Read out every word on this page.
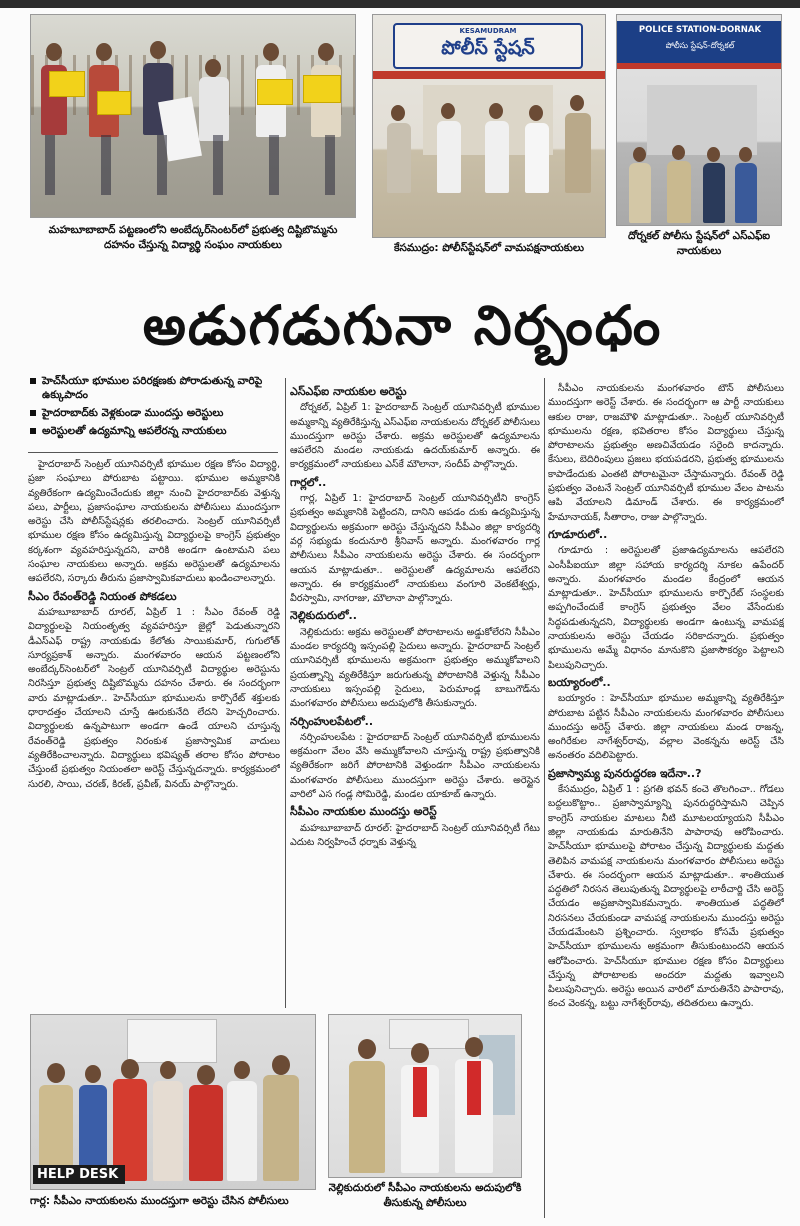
మహబూబాబాద్ పట్టణంలోని అంబేద్కర్‌సెంటర్‌లో ప్రభుత్వ దిష్టిబొమ్మను దహనం చేస్తున్న విద్యార్థి సంఘం నాయకులు
KESAMUDRAM
పోలీస్ స్టేషన్
కేసముద్రం: పోలీస్‌స్టేషన్‌లో వామపక్షనాయకులు
POLICE STATION-DORNAK
పోలీసు స్టేషన్-దోర్నకల్
దోర్నకల్ పోలీసు స్టేషన్‌లో ఎస్‌ఎఫ్‌ఐ నాయకులు
అడుగడుగునా నిర్బంధం
హెచ్‌సీయూ భూముల పరిరక్షణకు పోరాడుతున్న వారిపై ఉక్కుపాదం
హైదరాబాద్‌కు వెళ్లకుండా ముందస్తు అరెస్టులు
అరెస్టులతో ఉద్యమాన్ని ఆపలేరన్న నాయకులు

హైదరాబాద్ సెంట్రల్ యూనివర్సిటీ భూముల రక్షణ కోసం విద్యార్థి, ప్రజా సంఘాలు పోరుబాట పట్టాయి. భూముల అమ్మకానికి వ్యతిరేకంగా ఉద్యమించేందుకు జిల్లా నుంచి హైదరాబాద్‌కు వెళ్తున్న పలు, పార్టీలు, ప్రజాసంఘాల నాయకులను పోలీసులు ముందస్తుగా అరెస్టు చేసి పోలీస్‌స్టేషన్లకు తరలించారు. సెంట్రల్ యూనివర్సిటీ భూముల రక్షణ కోసం ఉద్యమిస్తున్న విద్యార్థులపై కాంగ్రెస్ ప్రభుత్వం కర్కశంగా వ్యవహరిస్తున్నదని, వారికి అండగా ఉంటామని పలు సంఘాల నాయకులు అన్నారు. అక్రమ అరెస్టులతో ఉద్యమాలను ఆపలేరని, సర్కారు తీరును ప్రజాస్వామికవాదులు ఖండించాలన్నారు.

సీఎం రేవంత్‌రెడ్డి నియంత పోకడలు

మహబూబాబాద్ రూరల్, ఏప్రిల్ 1 : సీఎం రేవంత్ రెడ్డి విద్యార్థులపై నియంతృత్వ వ్యవహరిస్తూ జైల్లో పెడుతున్నారని డీఎస్‌ఎఫ్ రాష్ట్ర నాయకుడు కేలోతు సాయికుమార్, గుగులోత్ సూర్యప్రకాశ్ అన్నారు. మంగళవారం ఆయన పట్టణంలోని అంబేద్కర్‌సెంటర్‌లో సెంట్రల్ యూనివర్సిటీ విద్యార్థుల అరెస్టును నిరసిస్తూ ప్రభుత్వ దిష్టిబొమ్మను దహనం చేశారు. ఈ సందర్భంగా వారు మాట్లాడుతూ.. హెచ్‌సీయూ భూములను కార్పొరేట్ శక్తులకు ధారాదత్తం చేయాలని చూస్తే ఊరుకునేది లేదని హెచ్చరించారు. విద్యార్థులకు ఉన్నపాటుగా అండగా ఉండే యాలని చూస్తున్న రేవంత్‌రెడ్డి ప్రభుత్వం నిరంకుశ ప్రజాస్వామిక వాదులు వ్యతిరేకించాలన్నారు. విద్యార్థులు భవిష్యత్ తరాల కోసం పోరాటం చేస్తుంటే ప్రభుత్వం నియంతలా అరెస్ట్ చేస్తున్నదన్నారు. కార్యక్రమంలో సురలి, సాయి, చరణ్, కిరణ్, ప్రవీణ్, వినయ్ పాల్గొన్నారు.

ఎస్‌ఎఫ్‌ఐ నాయకుల అరెస్టు

దోర్నకల్, ఏప్రిల్ 1: హైదరాబాద్ సెంట్రల్ యూనివర్సిటీ భూముల అమ్మకాన్ని వ్యతిరేకిస్తున్న ఎస్‌ఎఫ్‌ఐ నాయకులను దోర్నకల్ పోలీసులు ముందస్తుగా అరెస్టు చేశారు. అక్రమ అరెస్టులతో ఉద్యమాలను ఆపలేరని మండల నాయకుడు ఉదయ్‌కుమార్ అన్నారు. ఈ కార్యక్రమంలో నాయకులు ఎస్‌కే మౌలానా, సందీప్ పాల్గొన్నారు.

గార్లలో..

గార్ల, ఏప్రిల్ 1: హైదరాబాద్ సెంట్రల్ యూనివర్సిటీని కాంగ్రెస్ ప్రభుత్వం అమ్మకానికి పెట్టిందని, దానిని ఆపడం దుకు ఉద్యమిస్తున్న విద్యార్థులను అక్రమంగా అరెస్టు చేస్తున్నదని సీపీఎం జిల్లా కార్యదర్శి వర్గ సభ్యుడు కందునూరి శ్రీనివాస్ అన్నారు. మంగళవారం గార్ల పోలీసులు సీపీఎం నాయకులను అరెస్టు చేశారు. ఈ సందర్భంగా ఆయన మాట్లాడుతూ.. అరెస్టులతో ఉద్యమాలను ఆపలేరని అన్నారు. ఈ కార్యక్రమంలో నాయకులు వంగూరి వెంకటేశ్వర్లు, వీరస్వామి, నాగరాజు, మౌలానా పాల్గొన్నారు.

నెల్లికుదురులో..

నెల్లికుదురు: అక్రమ అరెస్టులతో పోరాటాలను అడ్డుకోలేరని సీపీఎం మండల కార్యదర్శి ఇస్సంపల్లి సైదులు అన్నారు. హైదరాబాద్ సెంట్రల్ యూనివర్సిటీ భూములను అక్రమంగా ప్రభుత్వం అమ్ముకోవాలని ప్రయత్నాన్ని వ్యతిరేకిస్తూ జరుగుతున్న పోరాటానికి వెళ్తున్న సీపీఎం నాయకులు ఇస్సంపల్లి సైదులు, పెరుమాండ్ల బాబుగౌడ్‌ను మంగళవారం పోలీసులు అదుపులోకి తీసుకున్నారు.

నర్సింహులపేటలో..

నర్సింహులపేట : హైదరాబాద్ సెంట్రల్ యూనివర్సిటీ భూములను అక్రమంగా వేలం వేసి అమ్ముకోవాలని చూస్తున్న రాష్ట్ర ప్రభుత్వానికి వ్యతిరేకంగా జరిగే పోరాటానికి వెళ్తుండగా సీపీఎం నాయకులను మంగళవారం పోలీసులు ముందస్తుగా అరెస్టు చేశారు. అరెస్టైన వారిలో ఎస గండ్ల సోమిరెడ్డి, మండల యాకూబ్ ఉన్నారు.

సీపీఎం నాయకుల ముందస్తు అరెస్ట్

మహబూబాబాద్ రూరల్: హైదరాబాద్ సెంట్రల్ యూనివర్సిటీ గేటు ఎదుట నిర్వహించే ధర్నాకు వెళ్తున్న

సీపీఎం నాయకులను మంగళవారం టౌన్ పోలీసులు ముందస్తుగా అరెస్ట్ చేశారు. ఈ సందర్భంగా ఆ పార్టీ నాయకులు ఆకుల రాజు, రాజమౌళి మాట్లాడుతూ.. సెంట్రల్ యూనివర్సిటీ భూములను రక్షణ, భవితరాల కోసం విద్యార్థులు చేస్తున్న పోరాటాలను ప్రభుత్వం అణచివేయడం సరైంది కాదన్నారు. కేసులు, బెదిరింపులు ప్రజలు భయపడరని, ప్రభుత్వ భూములను కాపాడేందుకు ఎంతటి పోరాటమైనా చేస్తామన్నారు. రేవంత్ రెడ్డి ప్రభుత్వం వెంటనే సెంట్రల్ యూనివర్సిటీ భూముల వేలం పాటను ఆపి వేయాలని డిమాండ్ చేశారు. ఈ కార్యక్రమంలో హేమానాయక్, సీతారాం, రాజు పాల్గొన్నారు.

గూడూరులో..

గూడూరు : అరెస్టులతో ప్రజాఉద్యమాలను ఆపలేరని ఎంసీపీఐయూ జిల్లా సహాయ కార్యదర్శి నూకల ఉపేందర్ అన్నారు. మంగళవారం మండల కేంద్రంలో ఆయన మాట్లాడుతూ.. హెచ్‌సీయూ భూములను కార్పొరేట్ సంస్థలకు అప్పగించేందుకే కాంగ్రెస్ ప్రభుత్వం వేలం వేసేందుకు సిద్ధపడుతున్నదని, విద్యార్థులకు అండగా ఉంటున్న వామపక్ష నాయకులను అరెస్టు చేయడం సరికాదన్నారు. ప్రభుత్వం భూములను అమ్మే విధానం మానుకొని ప్రజాసౌకర్యం పెట్టాలని పిలుపునిచ్చారు.

బయ్యారంలో..

బయ్యారం : హెచ్‌సీయూ భూముల అమ్మకాన్ని వ్యతిరేకిస్తూ పోరుబాట పట్టిన సీపీఎం నాయకులను మంగళవారం పోలీసులు ముందస్తు అరెస్ట్ చేశారు. జిల్లా నాయకులు మండ రాజన్న, అంగిరేకుల నాగేశ్వర్‌రావు, వల్లాల వెంకన్నను అరెస్ట్ చేసి అనంతరం వదిలిపెట్టారు.

ప్రజాస్వామ్య పునరుద్ధరణ ఇదేనా..?

కేసముద్రం, ఏప్రిల్ 1 : ప్రగతి భవన్ కంచె తొలగించా.. గోడలు బద్దలుకొట్టాం.. ప్రజాస్వామ్యాన్ని పునరుద్ధరిస్తామని చెప్పిన కాంగ్రెస్ నాయకుల మాటలు నీటి మూటలయ్యాయని సీపీఎం జిల్లా నాయకుడు మారుతినేని పాపారావు ఆరోపించారు. హెచ్‌సీయూ భూములపై పోరాటం చేస్తున్న విద్యార్థులకు మద్దతు తెలిపిన వామపక్ష నాయకులను మంగళవారం పోలీసులు అరెస్టు చేశారు. ఈ సందర్భంగా ఆయన మాట్లాడుతూ.. శాంతియుత పద్ధతిలో నిరసన తెలుపుతున్న విద్యార్థులపై లాఠీచార్జి చేసి అరెస్ట్ చేయడం అప్రజాస్వామికమన్నారు. శాంతియుత పద్ధతిలో నిరసనలు చేయకుండా వామపక్ష నాయకులను ముందస్తు అరెస్టు చేయడమేంటని ప్రశ్నించారు. స్వలాభం కోసమే ప్రభుత్వం హెచ్‌సీయూ భూములను అక్రమంగా తీసుకుంటుందని ఆయన ఆరోపించారు. హెచ్‌సీయూ భూముల రక్షణ కోసం విద్యార్థులు చేస్తున్న పోరాటాలకు అందరూ మద్దతు ఇవ్వాలని పిలుపునిచ్చారు. అరెస్టు అయిన వారిలో మారుతినేని పాపారావు, కంచ వెంకన్న, బట్టు నాగేశ్వర్‌రావు, తదితరులు ఉన్నారు.

HELP DESK
గార్ల: సీపీఎం నాయకులను ముందస్తుగా అరెస్టు చేసిన పోలీసులు
నెల్లికుదురులో సీపీఎం నాయకులను అదుపులోకి తీసుకున్న పోలీసులు
